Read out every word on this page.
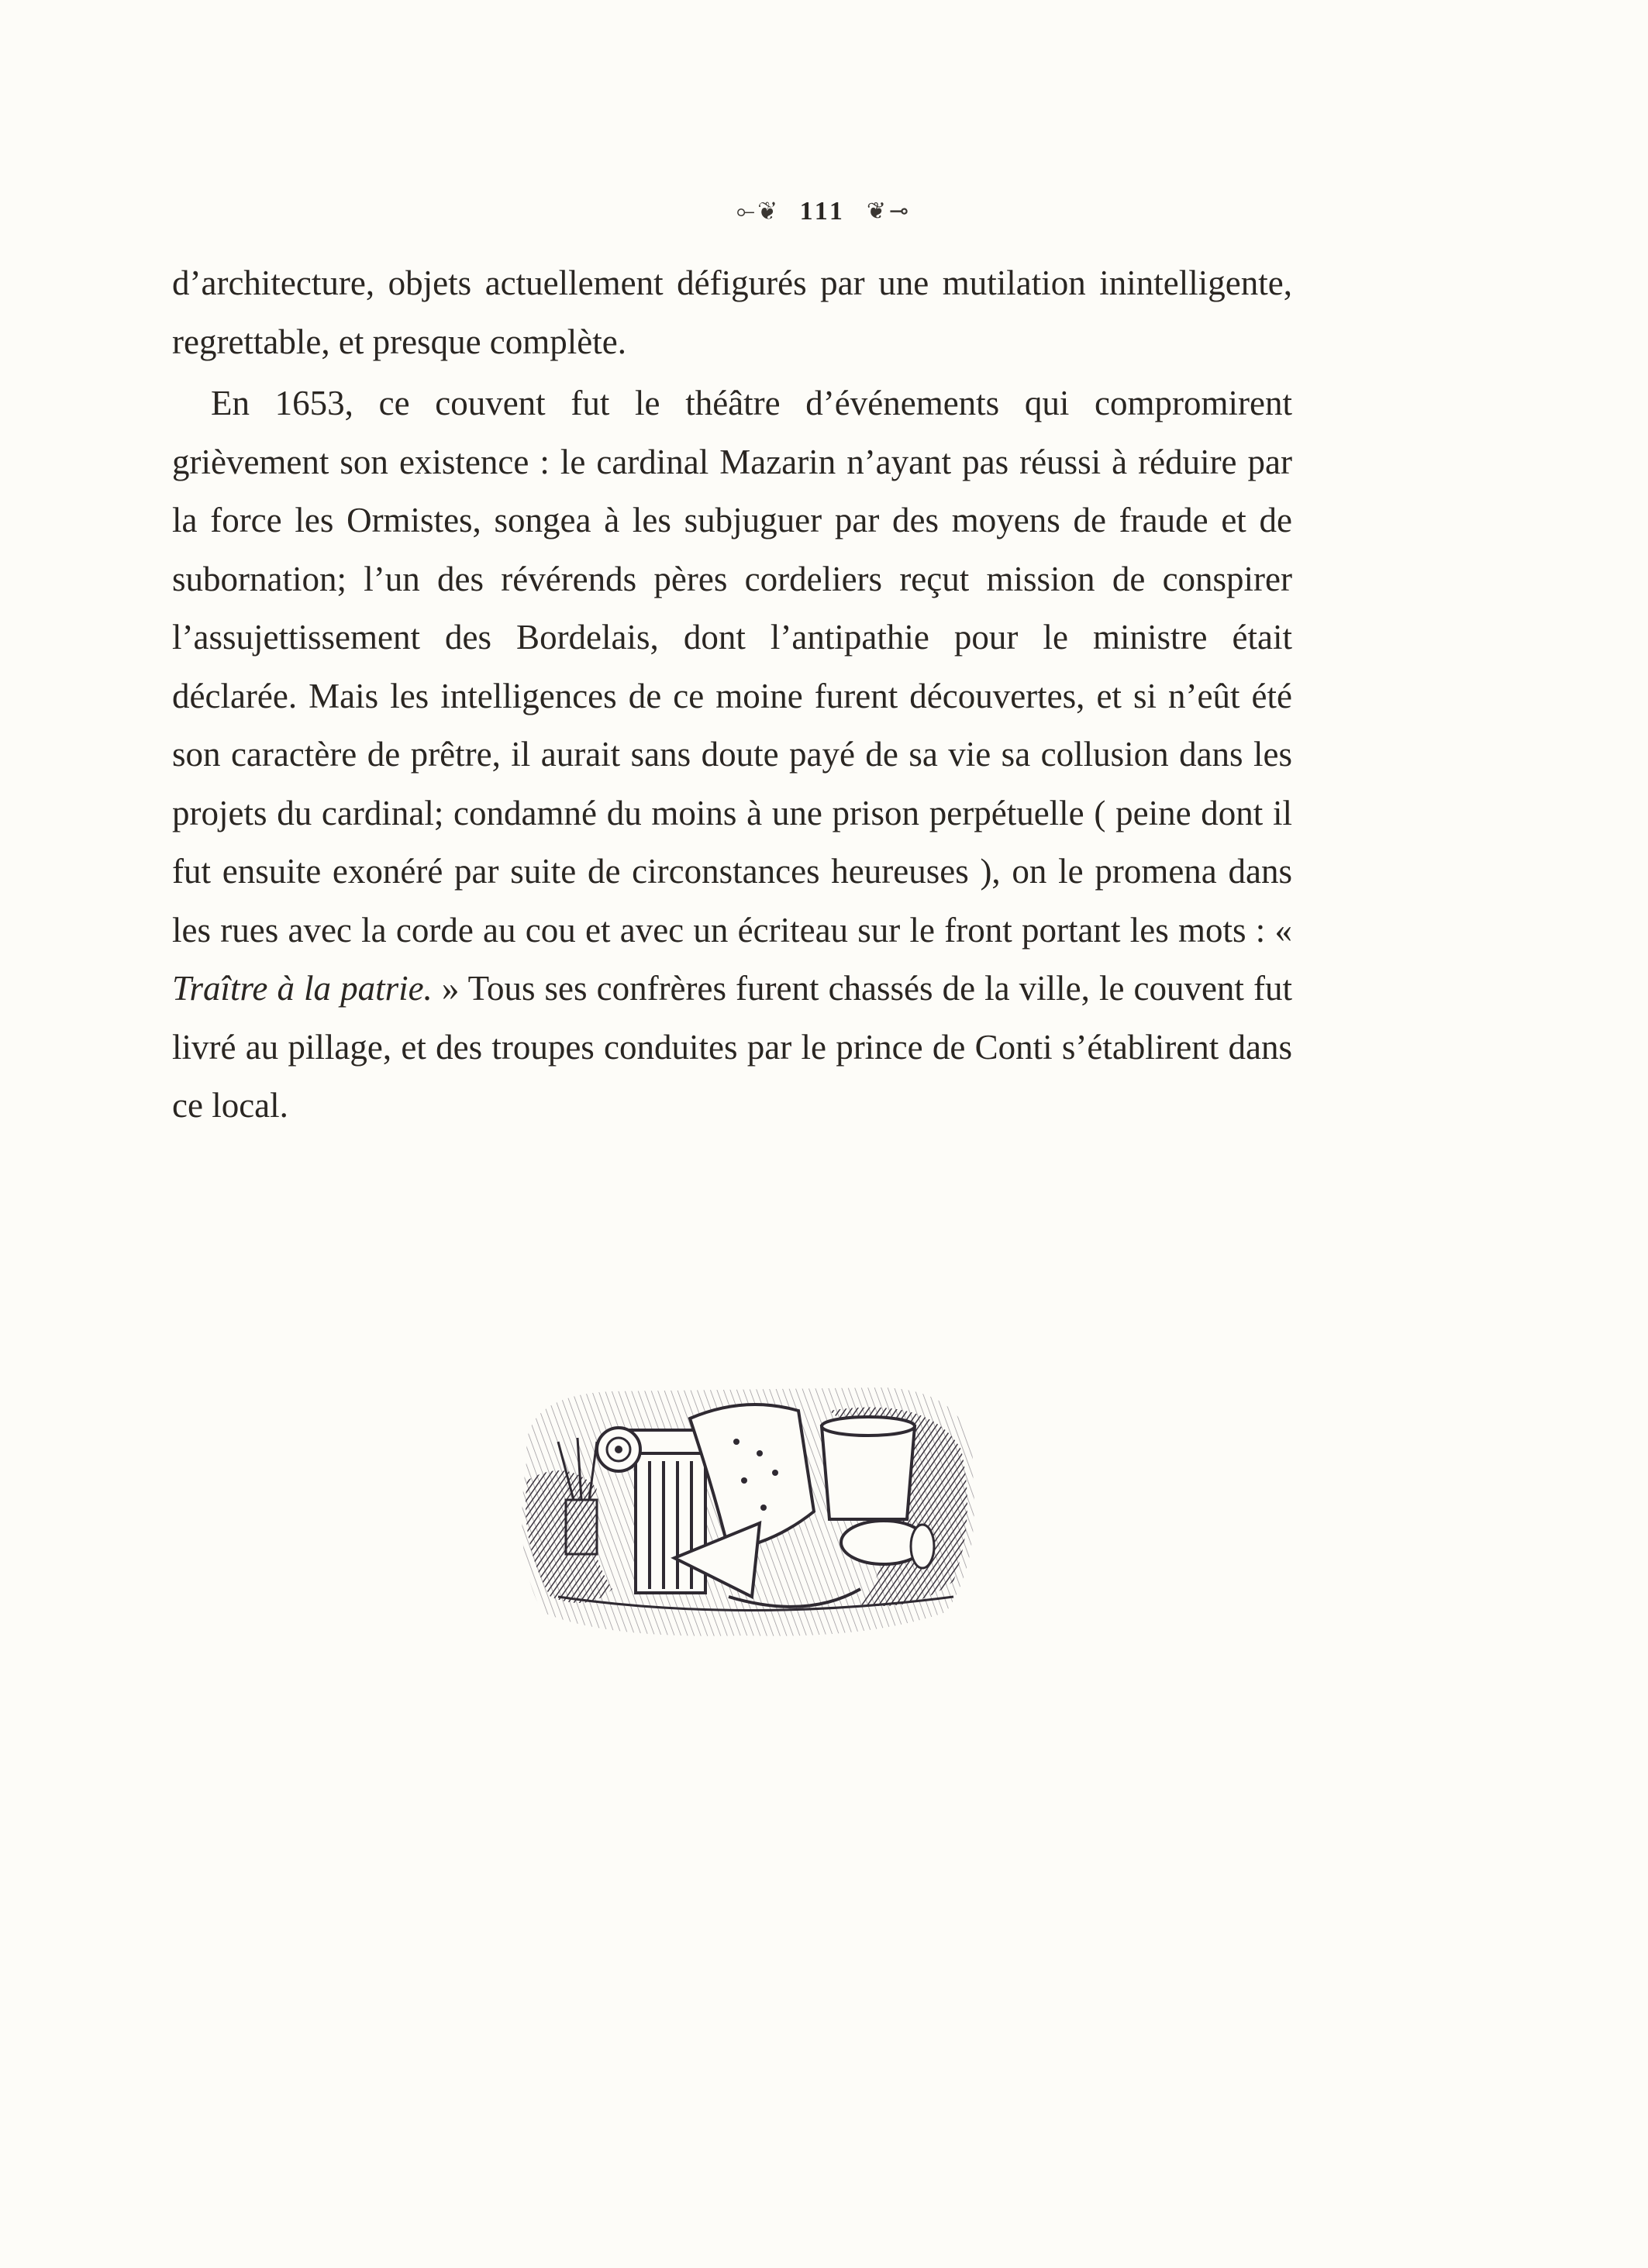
⟜❦ 111 ❦⊸

d’architecture, objets actuellement défigurés par une mutilation inintelligente, regrettable, et presque complète.

En 1653, ce couvent fut le théâtre d’événements qui compromirent grièvement son existence : le cardinal Mazarin n’ayant pas réussi à réduire par la force les Ormistes, songea à les subjuguer par des moyens de fraude et de subornation; l’un des révérends pères cordeliers reçut mission de conspirer l’assujettissement des Bordelais, dont l’antipathie pour le ministre était déclarée. Mais les intelligences de ce moine furent découvertes, et si n’eût été son caractère de prêtre, il aurait sans doute payé de sa vie sa collusion dans les projets du cardinal; condamné du moins à une prison perpétuelle ( peine dont il fut ensuite exonéré par suite de circonstances heureuses ), on le promena dans les rues avec la corde au cou et avec un écriteau sur le front portant les mots : « Traître à la patrie. » Tous ses confrères furent chassés de la ville, le couvent fut livré au pillage, et des troupes conduites par le prince de Conti s’établirent dans ce local.
